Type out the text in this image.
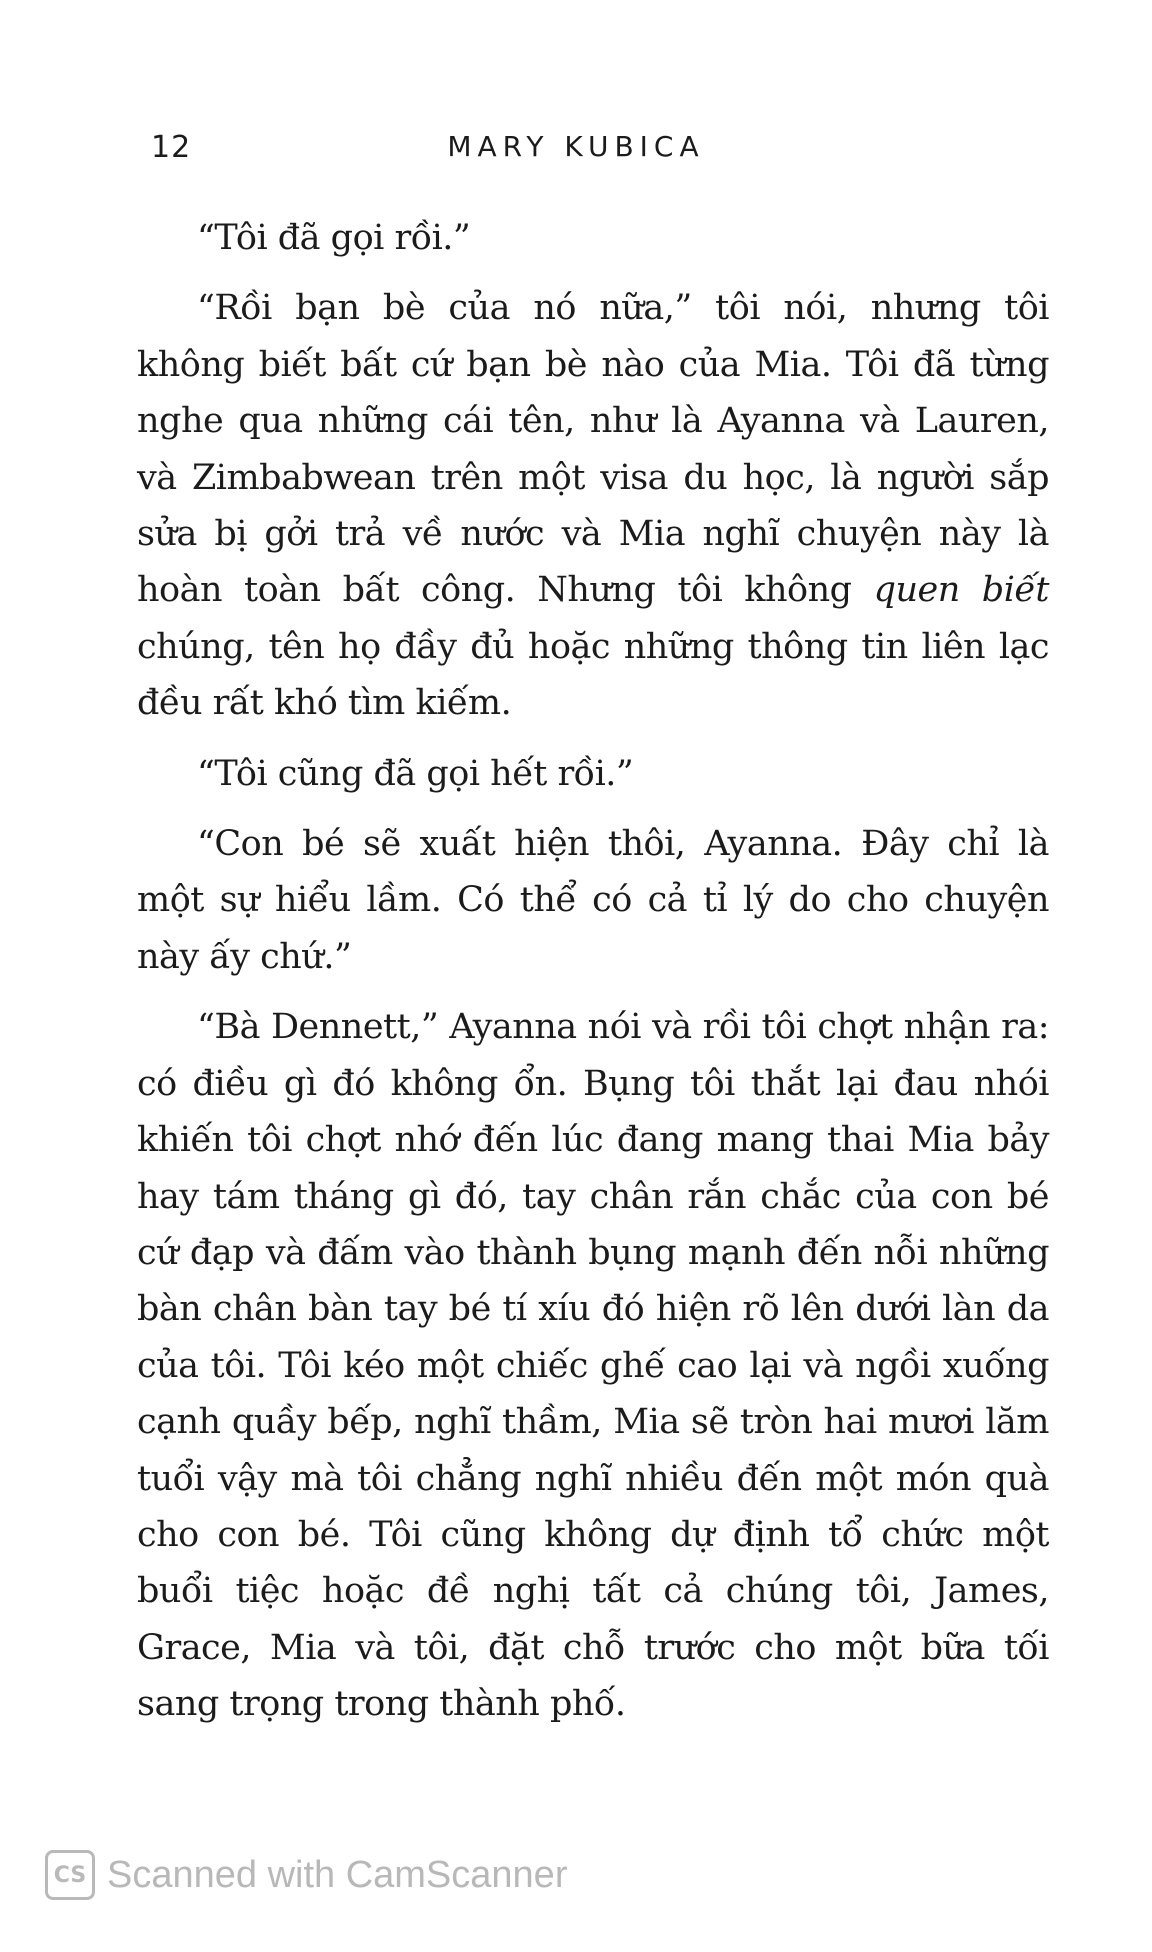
12	MARY KUBICA

“Tôi đã gọi rồi.”

“Rồi bạn bè của nó nữa,” tôi nói, nhưng tôi không biết bất cứ bạn bè nào của Mia. Tôi đã từng nghe qua những cái tên, như là Ayanna và Lauren, và Zimbabwean trên một visa du học, là người sắp sửa bị gởi trả về nước và Mia nghĩ chuyện này là hoàn toàn bất công. Nhưng tôi không quen biết chúng, tên họ đầy đủ hoặc những thông tin liên lạc đều rất khó tìm kiếm.

“Tôi cũng đã gọi hết rồi.”

“Con bé sẽ xuất hiện thôi, Ayanna. Đây chỉ là một sự hiểu lầm. Có thể có cả tỉ lý do cho chuyện này ấy chứ.”

“Bà Dennett,” Ayanna nói và rồi tôi chợt nhận ra: có điều gì đó không ổn. Bụng tôi thắt lại đau nhói khiến tôi chợt nhớ đến lúc đang mang thai Mia bảy hay tám tháng gì đó, tay chân rắn chắc của con bé cứ đạp và đấm vào thành bụng mạnh đến nỗi những bàn chân bàn tay bé tí xíu đó hiện rõ lên dưới làn da của tôi. Tôi kéo một chiếc ghế cao lại và ngồi xuống cạnh quầy bếp, nghĩ thầm, Mia sẽ tròn hai mươi lăm tuổi vậy mà tôi chẳng nghĩ nhiều đến một món quà cho con bé. Tôi cũng không dự định tổ chức một buổi tiệc hoặc đề nghị tất cả chúng tôi, James, Grace, Mia và tôi, đặt chỗ trước cho một bữa tối sang trọng trong thành phố.

CS Scanned with CamScanner
